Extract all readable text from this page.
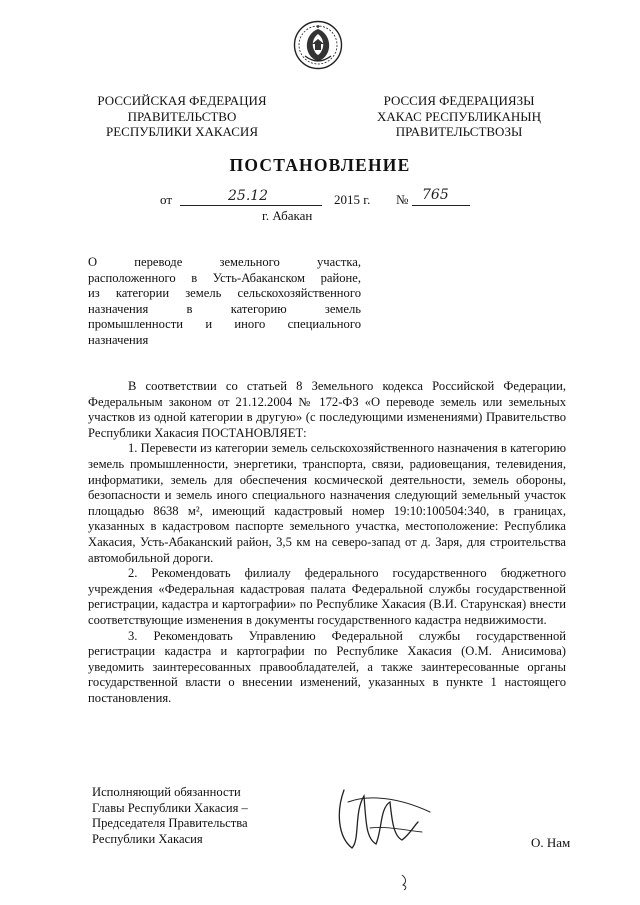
РОССИЙСКАЯ ФЕДЕРАЦИЯ
ПРАВИТЕЛЬСТВО
РЕСПУБЛИКИ ХАКАСИЯ
РОССИЯ ФЕДЕРАЦИЯЗЫ
ХАКАС РЕСПУБЛИКАНЫҢ
ПРАВИТЕЛЬСТВОЗЫ
ПОСТАНОВЛЕНИЕ
от	25.12	2015 г. № 765
г. Абакан
О переводе земельного участка,
расположенного в Усть-Абаканском районе,
из категории земель сельскохозяйственного
назначения в категорию земель
промышленности и иного специального
назначения

В соответствии со статьей 8 Земельного кодекса Российской Федерации, Федеральным законом от 21.12.2004 № 172-ФЗ «О переводе земель или земельных участков из одной категории в другую» (с последующими изменениями) Правительство Республики Хакасия ПОСТАНОВЛЯЕТ:

1. Перевести из категории земель сельскохозяйственного назначения в категорию земель промышленности, энергетики, транспорта, связи, радиовещания, телевидения, информатики, земель для обеспечения космической деятельности, земель обороны, безопасности и земель иного специального назначения следующий земельный участок площадью 8638 м², имеющий кадастровый номер 19:10:100504:340, в границах, указанных в кадастровом паспорте земельного участка, местоположение: Республика Хакасия, Усть-Абаканский район, 3,5 км на северо-запад от д. Заря, для строительства автомобильной дороги.

2. Рекомендовать филиалу федерального государственного бюджетного учреждения «Федеральная кадастровая палата Федеральной службы государственной регистрации, кадастра и картографии» по Республике Хакасия (В.И. Старунская) внести соответствующие изменения в документы государственного кадастра недвижимости.

3. Рекомендовать Управлению Федеральной службы государственной регистрации кадастра и картографии по Республике Хакасия (О.М. Анисимова) уведомить заинтересованных правообладателей, а также заинтересованные органы государственной власти о внесении изменений, указанных в пункте 1 настоящего постановления.

Исполняющий обязанности
Главы Республики Хакасия –
Председателя Правительства
Республики Хакасия	О. Нам
